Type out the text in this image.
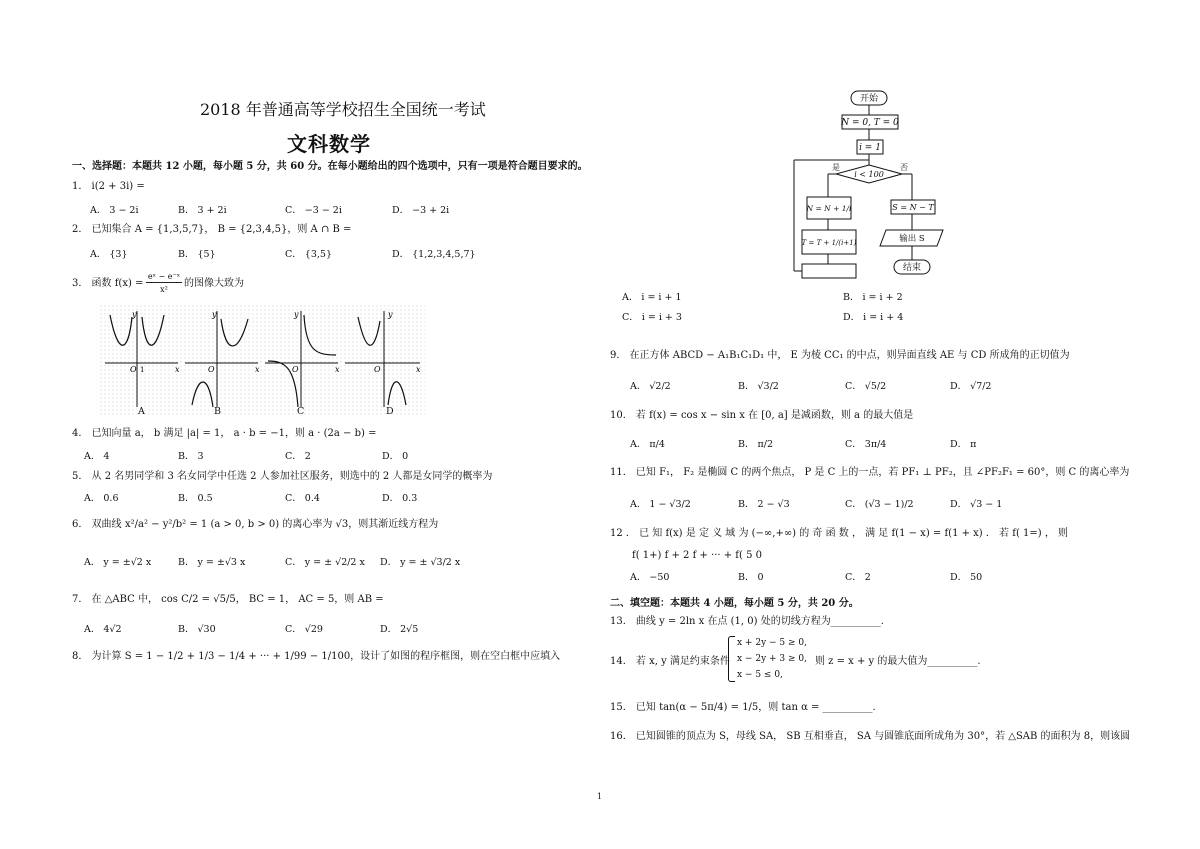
2018 年普通高等学校招生全国统一考试
文科数学
一、选择题：本题共 12 小题，每小题 5 分，共 60 分。在每小题给出的四个选项中，只有一项是符合题目要求的。
1． i(2 + 3i) =
A． 3 − 2i	B． 3 + 2i	C． −3 − 2i	D． −3 + 2i
2． 已知集合 A = {1,3,5,7}， B = {2,3,4,5}，则 A ∩ B =
A． {3}	B． {5}	C． {3,5}	D． {1,2,3,4,5,7}
3． 函数 f(x) =
eˣ − e⁻ˣ
x²
的图像大致为
y
x
O 1
y
x
O
y
x
O
y
x
O
A	B	C	D
4． 已知向量 a， b 满足 |a| = 1， a · b = −1，则 a · (2a − b) =
A． 4	B． 3	C． 2	D． 0
5． 从 2 名男同学和 3 名女同学中任选 2 人参加社区服务，则选中的 2 人都是女同学的概率为
A． 0.6	B． 0.5	C． 0.4	D． 0.3
6． 双曲线 x²/a² − y²/b² = 1 (a > 0, b > 0) 的离心率为 √3，则其渐近线方程为
A． y = ±√2 x	B． y = ±√3 x	C． y = ± √2/2 x D． y = ± √3/2 x
7． 在 △ABC 中， cos C/2 = √5/5， BC = 1， AC = 5，则 AB =
A． 4√2	B． √30	C． √29	D． 2√5
8． 为计算 S = 1 − 1/2 + 1/3 − 1/4 + ··· + 1/99 − 1/100，设计了如图的程序框图，则在空白框中应填入
开始
N = 0, T = 0
i = 1
i < 100
是	否
N = N + 1/i
T = T + 1/(i+1)
S = N − T
输出 S
结束
A． i = i + 1	B． i = i + 2
C． i = i + 3	D． i = i + 4
9． 在正方体 ABCD − A₁B₁C₁D₁ 中， E 为棱 CC₁ 的中点，则异面直线 AE 与 CD 所成角的正切值为
A． √2/2	B． √3/2	C． √5/2	D． √7/2
10． 若 f(x) = cos x − sin x 在 [0, a] 是减函数，则 a 的最大值是
A． π/4	B． π/2	C． 3π/4	D． π
11． 已知 F₁， F₂ 是椭圆 C 的两个焦点， P 是 C 上的一点，若 PF₁ ⊥ PF₂，且 ∠PF₂F₁ = 60°，则 C 的离心率为
A． 1 − √3/2	B． 2 − √3	C． (√3 − 1)/2	D． √3 − 1
12 ． 已 知 f(x) 是 定 义 域 为 (−∞,+∞) 的 奇 函 数 ， 满 足 f(1 − x) = f(1 + x) ． 若 f( 1=) ， 则
f( 1+) f + 2 f + ··· + f( 5 0
A． −50	B． 0	C． 2	D． 50
二、填空题：本题共 4 小题，每小题 5 分，共 20 分。
13． 曲线 y = 2ln x 在点 (1, 0) 处的切线方程为__________.
14． 若 x, y 满足约束条件
x + 2y − 5 ≥ 0,
x − 2y + 3 ≥ 0,
x − 5 ≤ 0,
则 z = x + y 的最大值为__________.
15． 已知 tan(α − 5π/4) = 1/5，则 tan α = __________.
16． 已知圆锥的顶点为 S，母线 SA， SB 互相垂直， SA 与圆锥底面所成角为 30°，若 △SAB 的面积为 8，则该圆
1
